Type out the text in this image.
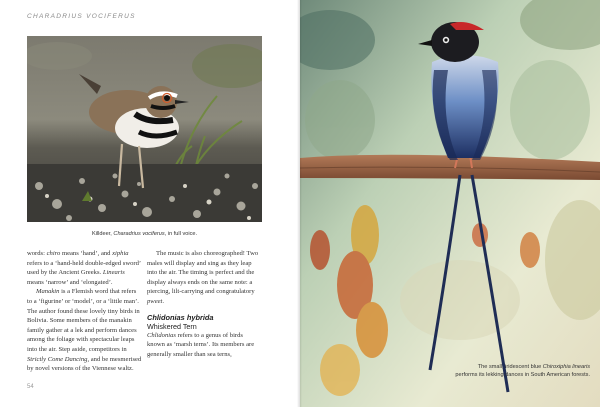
CHARADRIUS VOCIFERUS
Killdeer, Charadrius vociferus, in full voice.

words: chiro means ‘hand’, and xiphia refers to a ‘hand-held double-edged sword’ used by the Ancient Greeks. Linearis means ‘narrow’ and ‘elongated’.

Manakin is a Flemish word that refers to a ‘figurine’ or ‘model’, or a ‘little man’. The author found these lovely tiny birds in Bolivia. Some members of the manakin family gather at a lek and perform dances among the foliage with spectacular leaps into the air. Step aside, competitors in Strictly Come Dancing, and be mesmerised by novel versions of the Viennese waltz.

The music is also choreographed! Two males will display and sing as they leap into the air. The timing is perfect and the display always ends on the same note: a piercing, lilt-carrying and congratulatory pweet.

Chlidonias hybrida

Whiskered Tern

Chlidonias refers to a genus of birds known as ‘marsh terns’. Its members are generally smaller than sea terns,

54
The small, iridescent blue Chiroxiphia linearis
performs its lekking dances in South American forests.
